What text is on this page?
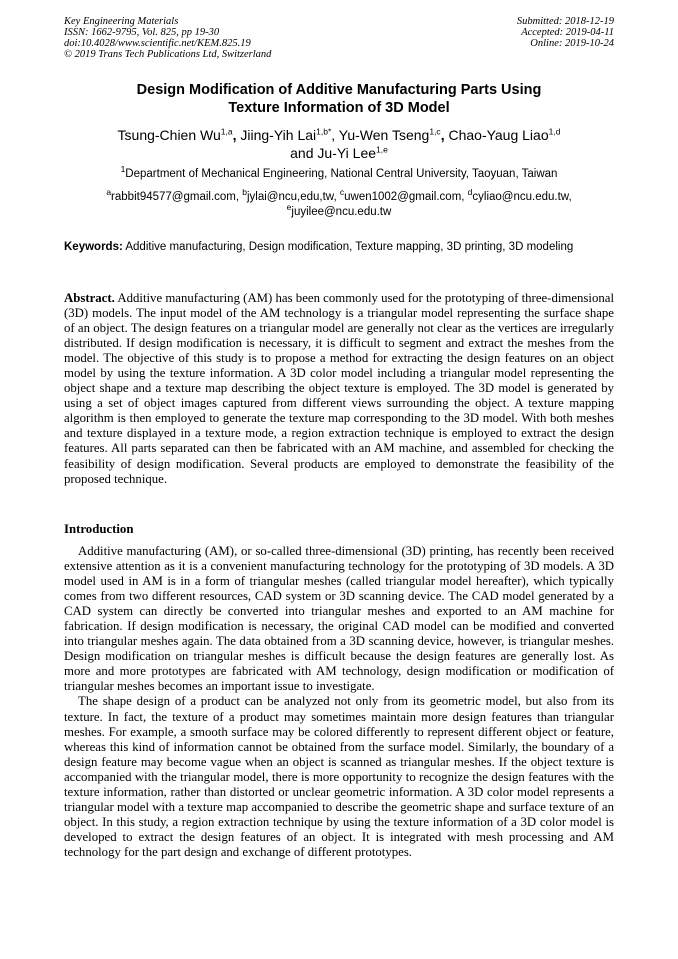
Key Engineering Materials
ISSN: 1662-9795, Vol. 825, pp 19-30
doi:10.4028/www.scientific.net/KEM.825.19
© 2019 Trans Tech Publications Ltd, Switzerland
Submitted: 2018-12-19
Accepted: 2019-04-11
Online: 2019-10-24
Design Modification of Additive Manufacturing Parts Using
Texture Information of 3D Model
Tsung-Chien Wu$^{1,a}$, Jiing-Yih Lai$^{1,b*}$, Yu-Wen Tseng$^{1,c}$, Chao-Yaug Liao$^{1,d}$
and Ju-Yi Lee$^{1,e}$
$^1$Department of Mechanical Engineering, National Central University, Taoyuan, Taiwan
$^a$rabbit94577@gmail.com, $^b$jylai@ncu,edu,tw, $^c$uwen1002@gmail.com, $^d$cyliao@ncu.edu.tw,
$^e$juyilee@ncu.edu.tw
Keywords: Additive manufacturing, Design modification, Texture mapping, 3D printing, 3D modeling
Abstract. Additive manufacturing (AM) has been commonly used for the prototyping of three-dimensional (3D) models. The input model of the AM technology is a triangular model representing the surface shape of an object. The design features on a triangular model are generally not clear as the vertices are irregularly distributed. If design modification is necessary, it is difficult to segment and extract the meshes from the model. The objective of this study is to propose a method for extracting the design features on an object model by using the texture information. A 3D color model including a triangular model representing the object shape and a texture map describing the object texture is employed. The 3D model is generated by using a set of object images captured from different views surrounding the object. A texture mapping algorithm is then employed to generate the texture map corresponding to the 3D model. With both meshes and texture displayed in a texture mode, a region extraction technique is employed to extract the design features. All parts separated can then be fabricated with an AM machine, and assembled for checking the feasibility of design modification. Several products are employed to demonstrate the feasibility of the proposed technique.
Introduction

Additive manufacturing (AM), or so-called three-dimensional (3D) printing, has recently been received extensive attention as it is a convenient manufacturing technology for the prototyping of 3D models. A 3D model used in AM is in a form of triangular meshes (called triangular model hereafter), which typically comes from two different resources, CAD system or 3D scanning device. The CAD model generated by a CAD system can directly be converted into triangular meshes and exported to an AM machine for fabrication. If design modification is necessary, the original CAD model can be modified and converted into triangular meshes again. The data obtained from a 3D scanning device, however, is triangular meshes. Design modification on triangular meshes is difficult because the design features are generally lost. As more and more prototypes are fabricated with AM technology, design modification or modification of triangular meshes becomes an important issue to investigate.

The shape design of a product can be analyzed not only from its geometric model, but also from its texture. In fact, the texture of a product may sometimes maintain more design features than triangular meshes. For example, a smooth surface may be colored differently to represent different object or feature, whereas this kind of information cannot be obtained from the surface model. Similarly, the boundary of a design feature may become vague when an object is scanned as triangular meshes. If the object texture is accompanied with the triangular model, there is more opportunity to recognize the design features with the texture information, rather than distorted or unclear geometric information. A 3D color model represents a triangular model with a texture map accompanied to describe the geometric shape and surface texture of an object. In this study, a region extraction technique by using the texture information of a 3D color model is developed to extract the design features of an object. It is integrated with mesh processing and AM technology for the part design and exchange of different prototypes.
